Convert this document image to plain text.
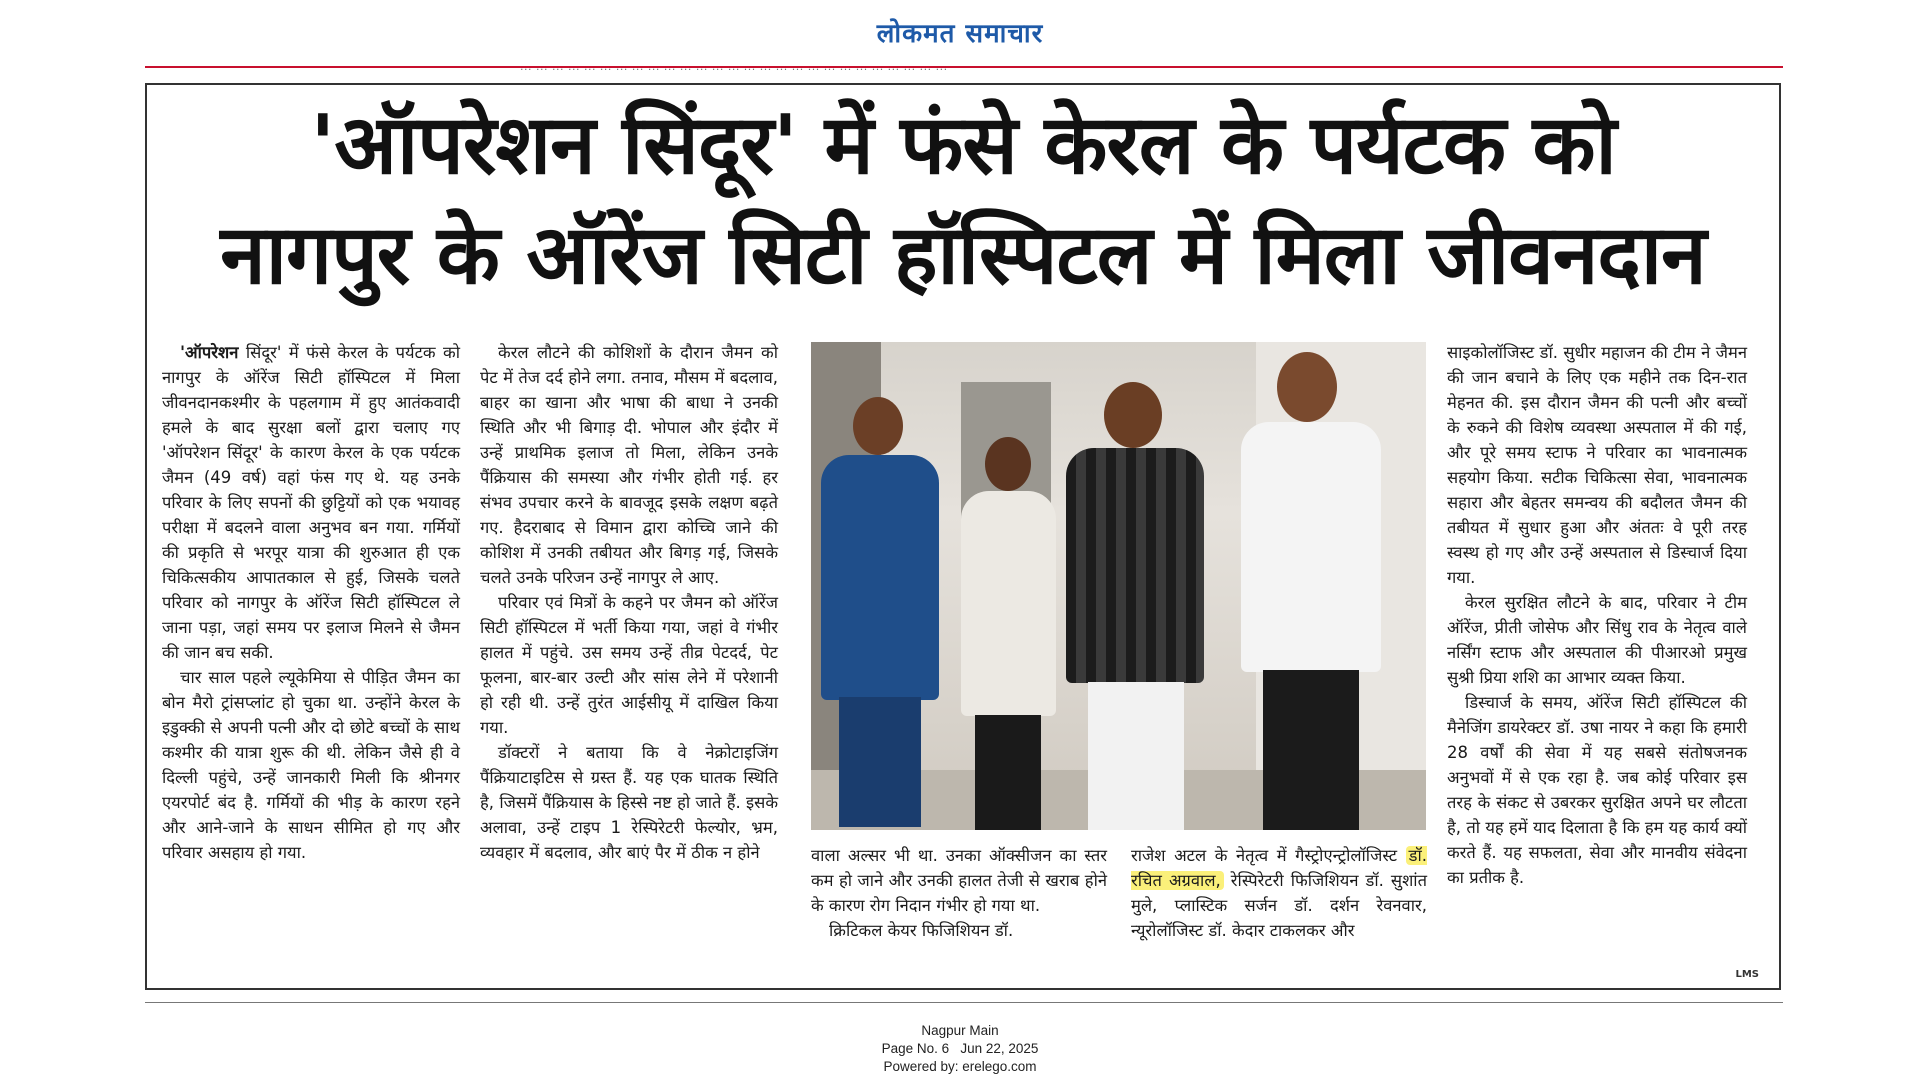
लोकमत समाचार
... ... ... ... ... ... ... ... ... ... ... ... ... ... ... ... ... ... ... ... ... ... ... ... ... ... ...
'ऑपरेशन सिंदूर' में फंसे केरल के पर्यटक को
नागपुर के ऑरेंज सिटी हॉस्पिटल में मिला जीवनदान

'ऑपरेशन सिंदूर' में फंसे केरल के पर्यटक को नागपुर के ऑरेंज सिटी हॉस्पिटल में मिला जीवनदानकश्मीर के पहलगाम में हुए आतंकवादी हमले के बाद सुरक्षा बलों द्वारा चलाए गए 'ऑपरेशन सिंदूर' के कारण केरल के एक पर्यटक जैमन (49 वर्ष) वहां फंस गए थे. यह उनके परिवार के लिए सपनों की छुट्टियों को एक भयावह परीक्षा में बदलने वाला अनुभव बन गया. गर्मियों की प्रकृति से भरपूर यात्रा की शुरुआत ही एक चिकित्सकीय आपातकाल से हुई, जिसके चलते परिवार को नागपुर के ऑरेंज सिटी हॉस्पिटल ले जाना पड़ा, जहां समय पर इलाज मिलने से जैमन की जान बच सकी.

चार साल पहले ल्यूकेमिया से पीड़ित जैमन का बोन मैरो ट्रांसप्लांट हो चुका था. उन्होंने केरल के इडुक्की से अपनी पत्नी और दो छोटे बच्चों के साथ कश्मीर की यात्रा शुरू की थी. लेकिन जैसे ही वे दिल्ली पहुंचे, उन्हें जानकारी मिली कि श्रीनगर एयरपोर्ट बंद है. गर्मियों की भीड़ के कारण रहने और आने-जाने के साधन सीमित हो गए और परिवार असहाय हो गया.

केरल लौटने की कोशिशों के दौरान जैमन को पेट में तेज दर्द होने लगा. तनाव, मौसम में बदलाव, बाहर का खाना और भाषा की बाधा ने उनकी स्थिति और भी बिगाड़ दी. भोपाल और इंदौर में उन्हें प्राथमिक इलाज तो मिला, लेकिन उनके पैंक्रियास की समस्या और गंभीर होती गई. हर संभव उपचार करने के बावजूद इसके लक्षण बढ़ते गए. हैदराबाद से विमान द्वारा कोच्चि जाने की कोशिश में उनकी तबीयत और बिगड़ गई, जिसके चलते उनके परिजन उन्हें नागपुर ले आए.

परिवार एवं मित्रों के कहने पर जैमन को ऑरेंज सिटी हॉस्पिटल में भर्ती किया गया, जहां वे गंभीर हालत में पहुंचे. उस समय उन्हें तीव्र पेटदर्द, पेट फूलना, बार-बार उल्टी और सांस लेने में परेशानी हो रही थी. उन्हें तुरंत आईसीयू में दाखिल किया गया.

डॉक्टरों ने बताया कि वे नेक्रोटाइजिंग पैंक्रियाटाइटिस से ग्रस्त हैं. यह एक घातक स्थिति है, जिसमें पैंक्रियास के हिस्से नष्ट हो जाते हैं. इसके अलावा, उन्हें टाइप 1 रेस्पिरेटरी फेल्योर, भ्रम, व्यवहार में बदलाव, और बाएं पैर में ठीक न होने	वाला अल्सर भी था. उनका ऑक्सीजन का स्तर कम हो जाने और उनकी हालत तेजी से खराब होने के कारण रोग निदान गंभीर हो गया था.

क्रिटिकल केयर फिजिशियन डॉ.

राजेश अटल के नेतृत्व में गैस्ट्रोएन्ट्रोलॉजिस्ट डॉ. रचित अग्रवाल, रेस्पिरेटरी फिजिशियन डॉ. सुशांत मुले, प्लास्टिक सर्जन डॉ. दर्शन रेवनवार, न्यूरोलॉजिस्ट डॉ. केदार टाकलकर और

साइकोलॉजिस्ट डॉ. सुधीर महाजन की टीम ने जैमन की जान बचाने के लिए एक महीने तक दिन-रात मेहनत की. इस दौरान जैमन की पत्नी और बच्चों के रुकने की विशेष व्यवस्था अस्पताल में की गई, और पूरे समय स्टाफ ने परिवार का भावनात्मक सहयोग किया. सटीक चिकित्सा सेवा, भावनात्मक सहारा और बेहतर समन्वय की बदौलत जैमन की तबीयत में सुधार हुआ और अंततः वे पूरी तरह स्वस्थ हो गए और उन्हें अस्पताल से डिस्चार्ज दिया गया.

केरल सुरक्षित लौटने के बाद, परिवार ने टीम ऑरेंज, प्रीती जोसेफ और सिंधु राव के नेतृत्व वाले नर्सिंग स्टाफ और अस्पताल की पीआरओ प्रमुख सुश्री प्रिया शशि का आभार व्यक्त किया.

डिस्चार्ज के समय, ऑरेंज सिटी हॉस्पिटल की मैनेजिंग डायरेक्टर डॉ. उषा नायर ने कहा कि हमारी 28 वर्षों की सेवा में यह सबसे संतोषजनक अनुभवों में से एक रहा है. जब कोई परिवार इस तरह के संकट से उबरकर सुरक्षित अपने घर लौटता है, तो यह हमें याद दिलाता है कि हम यह कार्य क्यों करते हैं. यह सफलता, सेवा और मानवीय संवेदना का प्रतीक है.

LMS
Nagpur Main
Page No. 6   Jun 22, 2025
Powered by: erelego.com
